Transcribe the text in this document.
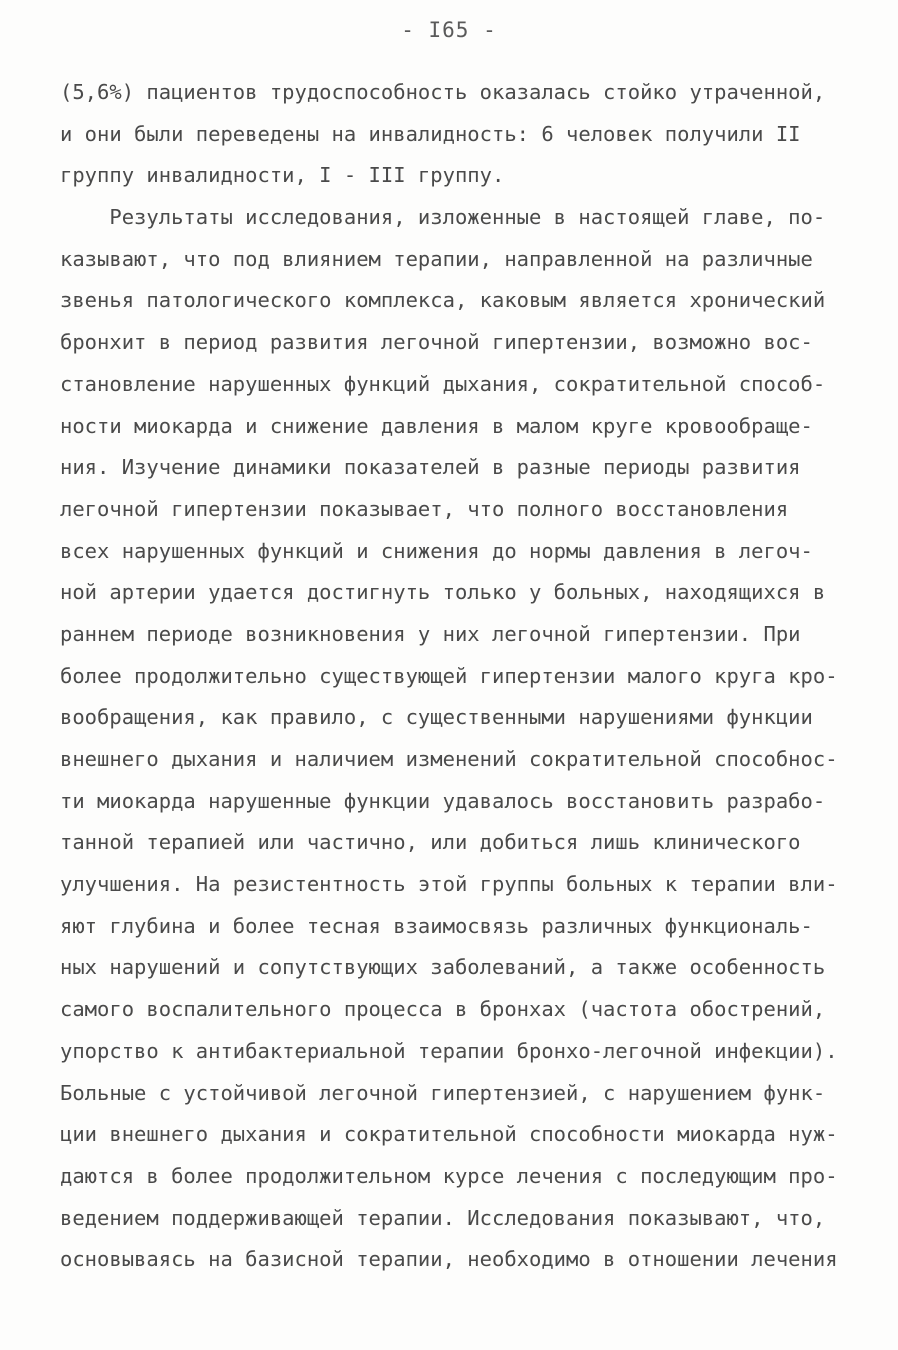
- I65 -
(5,6%) пациентов трудоспособность оказалась стойко утраченной,
и они были переведены на инвалидность: 6 человек получили II
группу инвалидности, I - III группу.
Результаты исследования, изложенные в настоящей главе, по-
казывают, что под влиянием терапии, направленной на различные
звенья патологического комплекса, каковым является хронический
бронхит в период развития легочной гипертензии, возможно вос-
становление нарушенных функций дыхания, сократительной способ-
ности миокарда и снижение давления в малом круге кровообраще-
ния. Изучение динамики показателей в разные периоды развития
легочной гипертензии показывает, что полного восстановления
всех нарушенных функций и снижения до нормы давления в легоч-
ной артерии удается достигнуть только у больных, находящихся в
раннем периоде возникновения у них легочной гипертензии. При
более продолжительно существующей гипертензии малого круга кро-
вообращения, как правило, с существенными нарушениями функции
внешнего дыхания и наличием изменений сократительной способнос-
ти миокарда нарушенные функции удавалось восстановить разрабо-
танной терапией или частично, или добиться лишь клинического
улучшения. На резистентность этой группы больных к терапии вли-
яют глубина и более тесная взаимосвязь различных функциональ-
ных нарушений и сопутствующих заболеваний, а также особенность
самого воспалительного процесса в бронхах (частота обострений,
упорство к антибактериальной терапии бронхо-легочной инфекции).
Больные с устойчивой легочной гипертензией, с нарушением функ-
ции внешнего дыхания и сократительной способности миокарда нуж-
даются в более продолжительном курсе лечения с последующим про-
ведением поддерживающей терапии. Исследования показывают, что,
основываясь на базисной терапии, необходимо в отношении лечения
